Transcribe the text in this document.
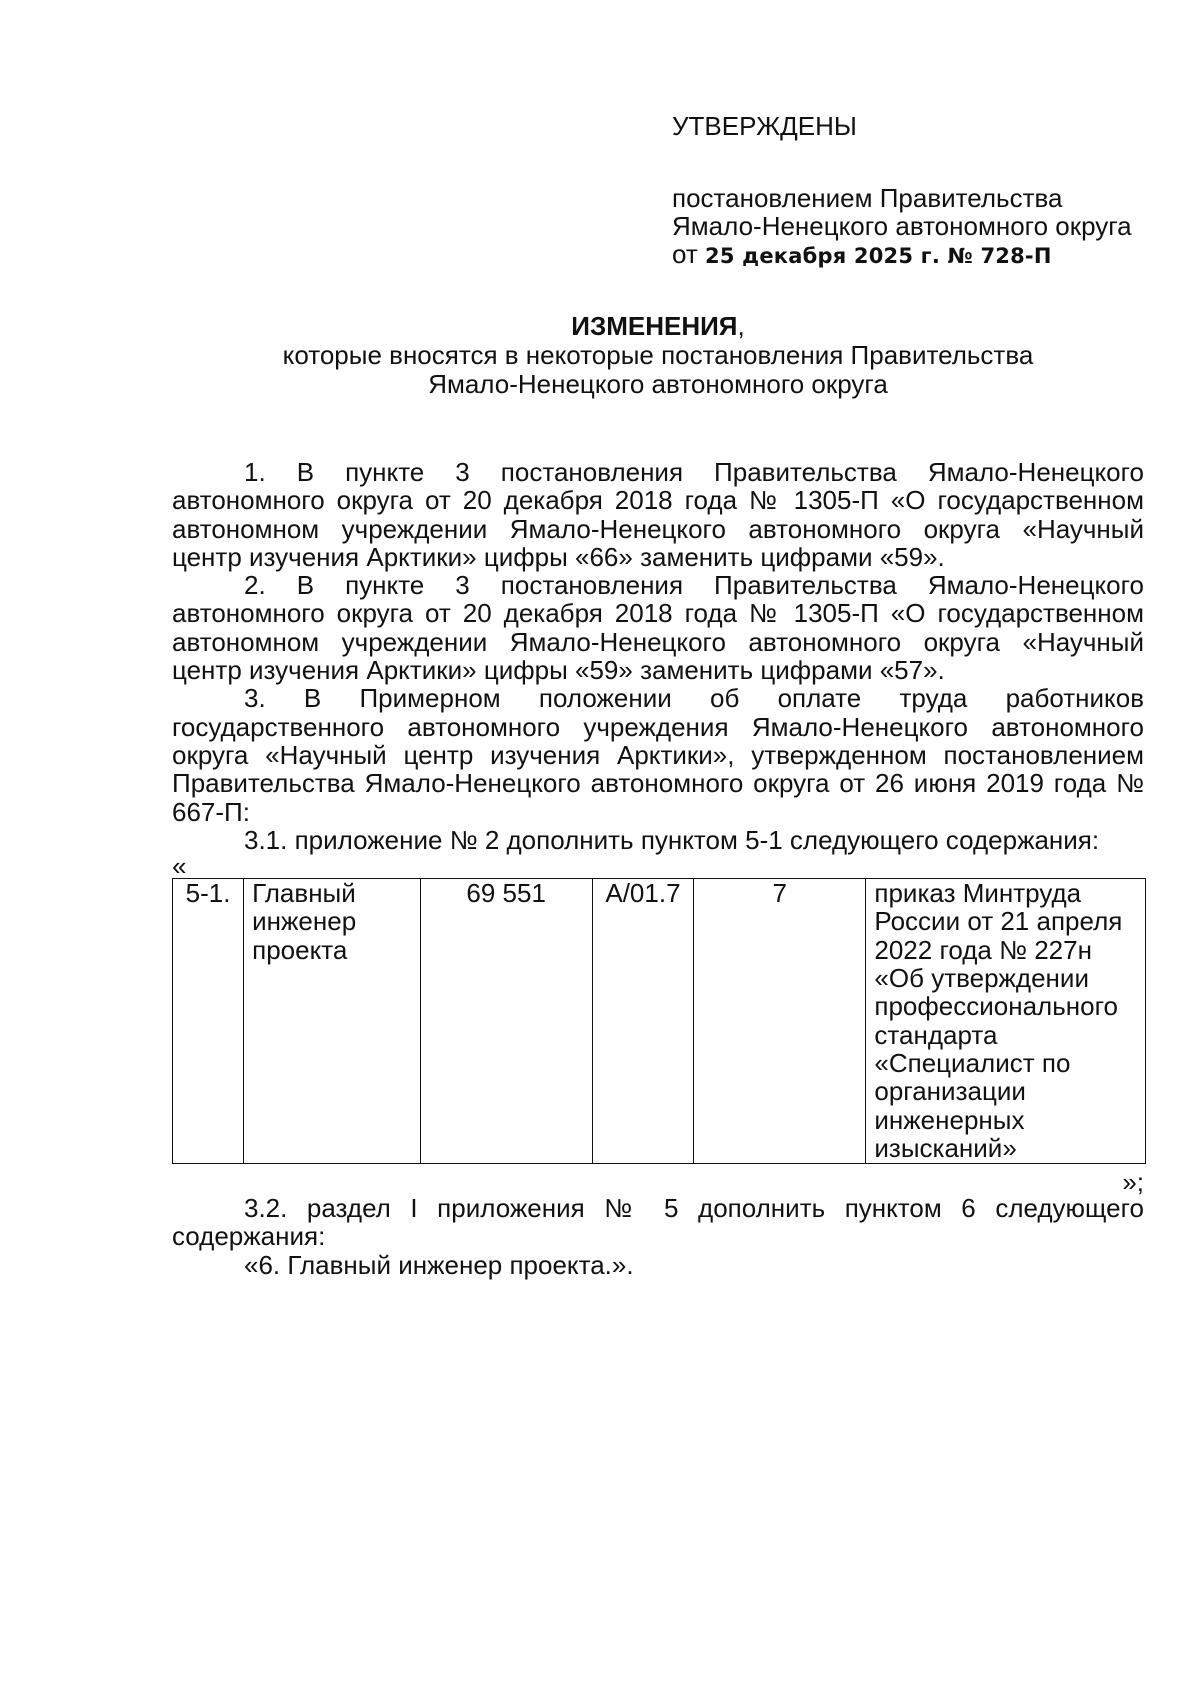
УТВЕРЖДЕНЫ
постановлением Правительства
Ямало-Ненецкого автономного округа
от 25 декабря 2025 г. № 728-П
ИЗМЕНЕНИЯ,
которые вносятся в некоторые постановления Правительства
Ямало-Ненецкого автономного округа

1. В пункте 3 постановления Правительства Ямало-Ненецкого автономного округа от 20 декабря 2018 года № 1305-П «О государственном автономном учреждении Ямало-Ненецкого автономного округа «Научный центр изучения Арктики» цифры «66» заменить цифрами «59».

2. В пункте 3 постановления Правительства Ямало-Ненецкого автономного округа от 20 декабря 2018 года № 1305-П «О государственном автономном учреждении Ямало-Ненецкого автономного округа «Научный центр изучения Арктики» цифры «59» заменить цифрами «57».

3. В Примерном положении об оплате труда работников государственного автономного учреждения Ямало-Ненецкого автономного округа «Научный центр изучения Арктики», утвержденном постановлением Правительства Ямало-Ненецкого автономного округа от 26 июня 2019 года № 667-П:

3.1. приложение № 2 дополнить пунктом 5-1 следующего содержания:

«

5-1.	Главный инженер проекта	69 551	А/01.7	7	приказ Минтруда России от 21 апреля 2022 года № 227н «Об утверждении профессионального стандарта «Специалист по организации инженерных изысканий»

»;

3.2. раздел I приложения № 5 дополнить пунктом 6 следующего содержания:

«6. Главный инженер проекта.».
